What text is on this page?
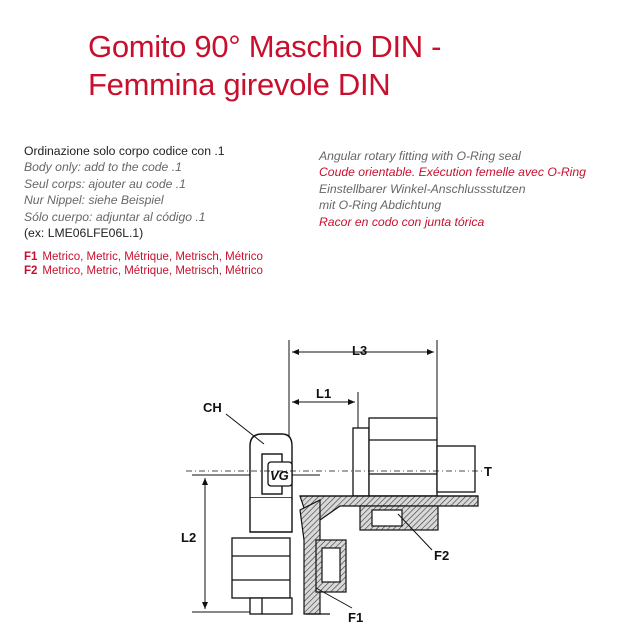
Gomito 90° Maschio DIN -
Femmina girevole DIN
Ordinazione solo corpo codice con .1
Body only: add to the code .1
Seul corps: ajouter au code .1
Nur Nippel: siehe Beispiel
Sólo cuerpo: adjuntar al código .1
(ex: LME06LFE06L.1)
F1 Metrico, Metric, Métrique, Metrisch, Métrico
F2 Metrico, Metric, Métrique, Metrisch, Métrico
Angular rotary fitting with O-Ring seal
Coude orientable. Exécution femelle avec O-Ring
Einstellbarer Winkel-Anschlussstutzen
mit O-Ring Abdichtung
Racor en codo con junta tórica
VG
L3
L1
CH
T
L2
F2
F1
